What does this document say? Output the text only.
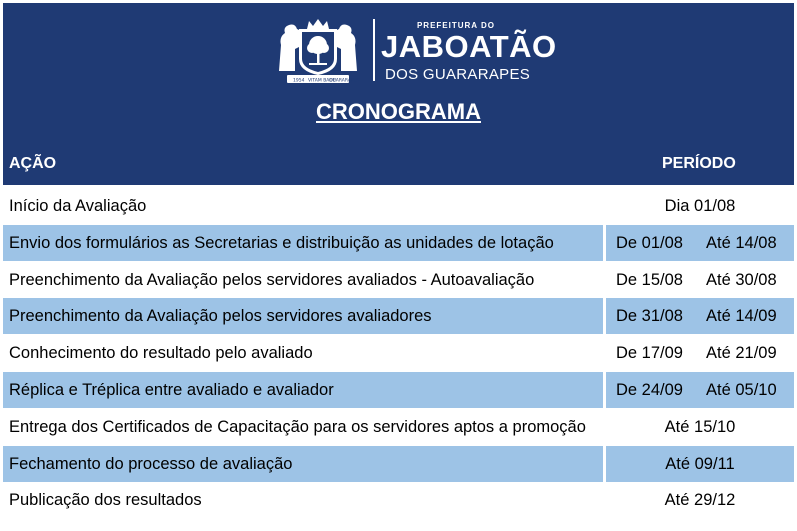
1954 VITAM BADE
GUARARAPES
PREFEITURA DO
JABOATÃO
DOS GUARARAPES
CRONOGRAMA
AÇÃO	PERÍODO
Início da Avaliação	Dia 01/08
Envio dos formulários as Secretarias e distribuição as unidades de lotação	De 01/08 Até 14/08
Preenchimento da Avaliação pelos servidores avaliados - Autoavaliação	De 15/08 Até 30/08
Preenchimento da Avaliação pelos servidores avaliadores	De 31/08 Até 14/09
Conhecimento do resultado pelo avaliado	De 17/09 Até 21/09
Réplica e Tréplica entre avaliado e avaliador	De 24/09 Até 05/10
Entrega dos Certificados de Capacitação para os servidores aptos a promoção	Até 15/10
Fechamento do processo de avaliação	Até 09/11
Publicação dos resultados	Até 29/12
